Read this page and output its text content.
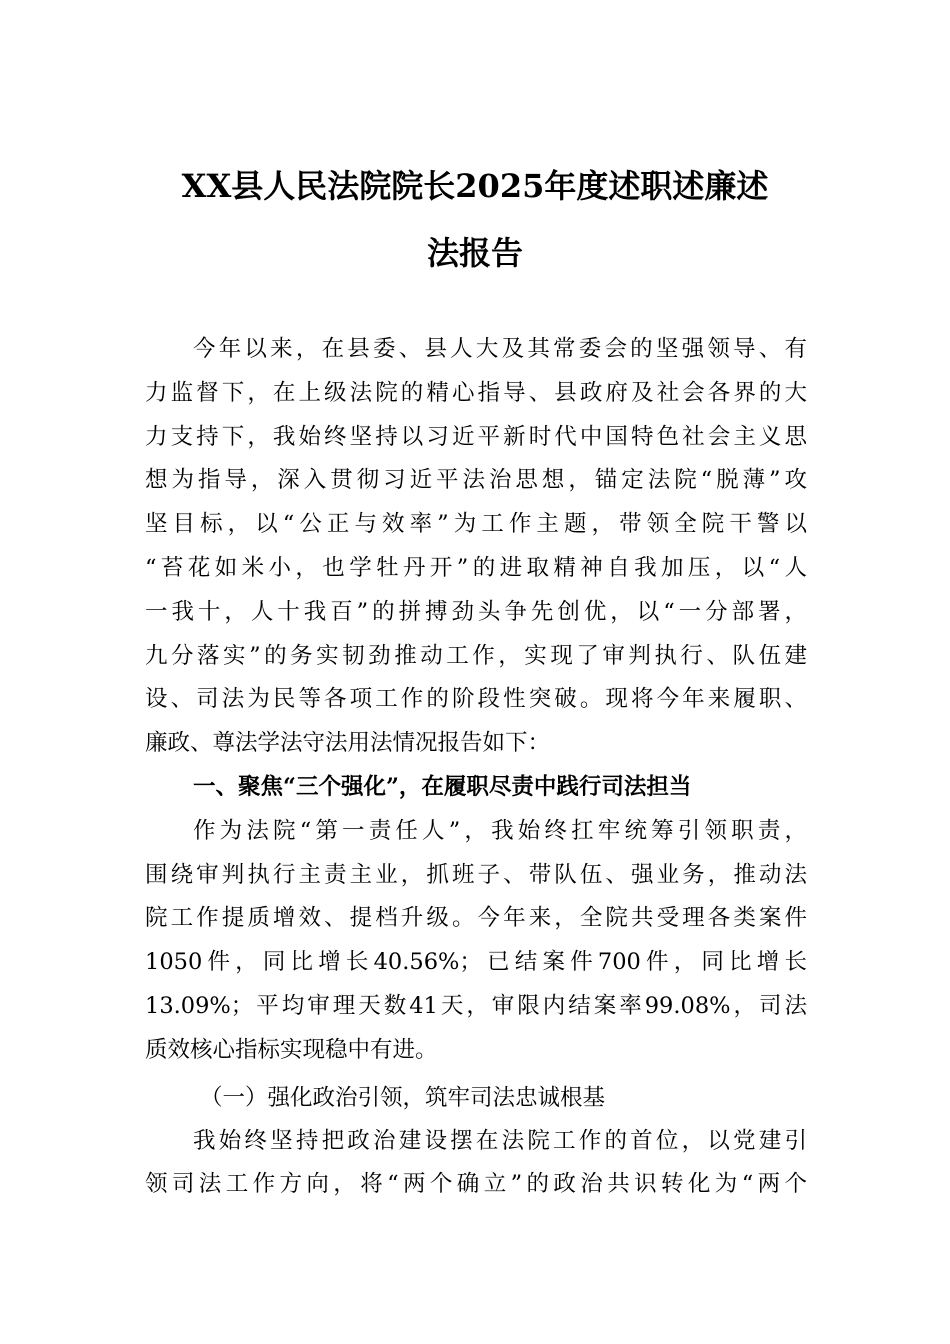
XX县人民法院院长2025年度述职述廉述
法报告
今年以来，在县委、县人大及其常委会的坚强领导、有
力监督下，在上级法院的精心指导、县政府及社会各界的大
力支持下，我始终坚持以习近平新时代中国特色社会主义思
想为指导，深入贯彻习近平法治思想，锚定法院“脱薄”攻
坚目标，以“公正与效率”为工作主题，带领全院干警以
“苔花如米小，也学牡丹开”的进取精神自我加压，以“人
一我十，人十我百”的拼搏劲头争先创优，以“一分部署，
九分落实”的务实韧劲推动工作，实现了审判执行、队伍建
设、司法为民等各项工作的阶段性突破。现将今年来履职、
廉政、尊法学法守法用法情况报告如下：
一、聚焦“三个强化”，在履职尽责中践行司法担当
作为法院“第一责任人”，我始终扛牢统筹引领职责，
围绕审判执行主责主业，抓班子、带队伍、强业务，推动法
院工作提质增效、提档升级。今年来，全院共受理各类案件
1050件，同比增长40.56%；已结案件700件，同比增长
13.09%；平均审理天数41天，审限内结案率99.08%，司法
质效核心指标实现稳中有进。
（一）强化政治引领，筑牢司法忠诚根基
我始终坚持把政治建设摆在法院工作的首位，以党建引
领司法工作方向，将“两个确立”的政治共识转化为“两个
